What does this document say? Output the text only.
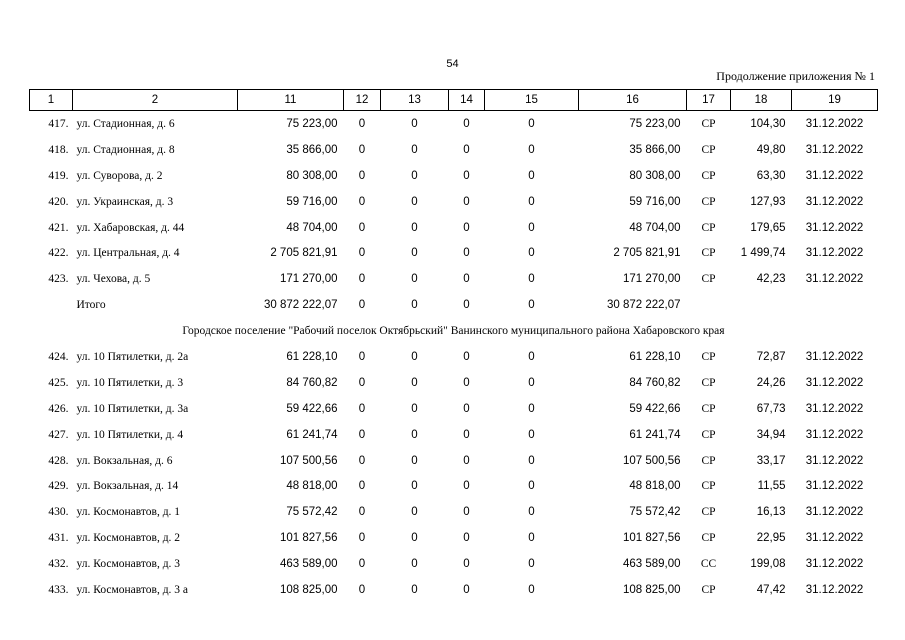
54
Продолжение приложения № 1
1	2	11	12	13	14	15	16	17	18	19
417.	ул. Стадионная, д. 6	75 223,00	0	0	0	0	75 223,00	СР	104,30	31.12.2022
418.	ул. Стадионная, д. 8	35 866,00	0	0	0	0	35 866,00	СР	49,80	31.12.2022
419.	ул. Суворова, д. 2	80 308,00	0	0	0	0	80 308,00	СР	63,30	31.12.2022
420.	ул. Украинская, д. 3	59 716,00	0	0	0	0	59 716,00	СР	127,93	31.12.2022
421.	ул. Хабаровская, д. 44	48 704,00	0	0	0	0	48 704,00	СР	179,65	31.12.2022
422.	ул. Центральная, д. 4	2 705 821,91	0	0	0	0	2 705 821,91	СР	1 499,74	31.12.2022
423.	ул. Чехова, д. 5	171 270,00	0	0	0	0	171 270,00	СР	42,23	31.12.2022
	Итого	30 872 222,07	0	0	0	0	30 872 222,07			
Городское поселение "Рабочий поселок Октябрьский" Ванинского муниципального района Хабаровского края										
424.	ул. 10 Пятилетки, д. 2а	61 228,10	0	0	0	0	61 228,10	СР	72,87	31.12.2022
425.	ул. 10 Пятилетки, д. 3	84 760,82	0	0	0	0	84 760,82	СР	24,26	31.12.2022
426.	ул. 10 Пятилетки, д. 3а	59 422,66	0	0	0	0	59 422,66	СР	67,73	31.12.2022
427.	ул. 10 Пятилетки, д. 4	61 241,74	0	0	0	0	61 241,74	СР	34,94	31.12.2022
428.	ул. Вокзальная, д. 6	107 500,56	0	0	0	0	107 500,56	СР	33,17	31.12.2022
429.	ул. Вокзальная, д. 14	48 818,00	0	0	0	0	48 818,00	СР	11,55	31.12.2022
430.	ул. Космонавтов, д. 1	75 572,42	0	0	0	0	75 572,42	СР	16,13	31.12.2022
431.	ул. Космонавтов, д. 2	101 827,56	0	0	0	0	101 827,56	СР	22,95	31.12.2022
432.	ул. Космонавтов, д. 3	463 589,00	0	0	0	0	463 589,00	СС	199,08	31.12.2022
433.	ул. Космонавтов, д. 3 а	108 825,00	0	0	0	0	108 825,00	СР	47,42	31.12.2022
